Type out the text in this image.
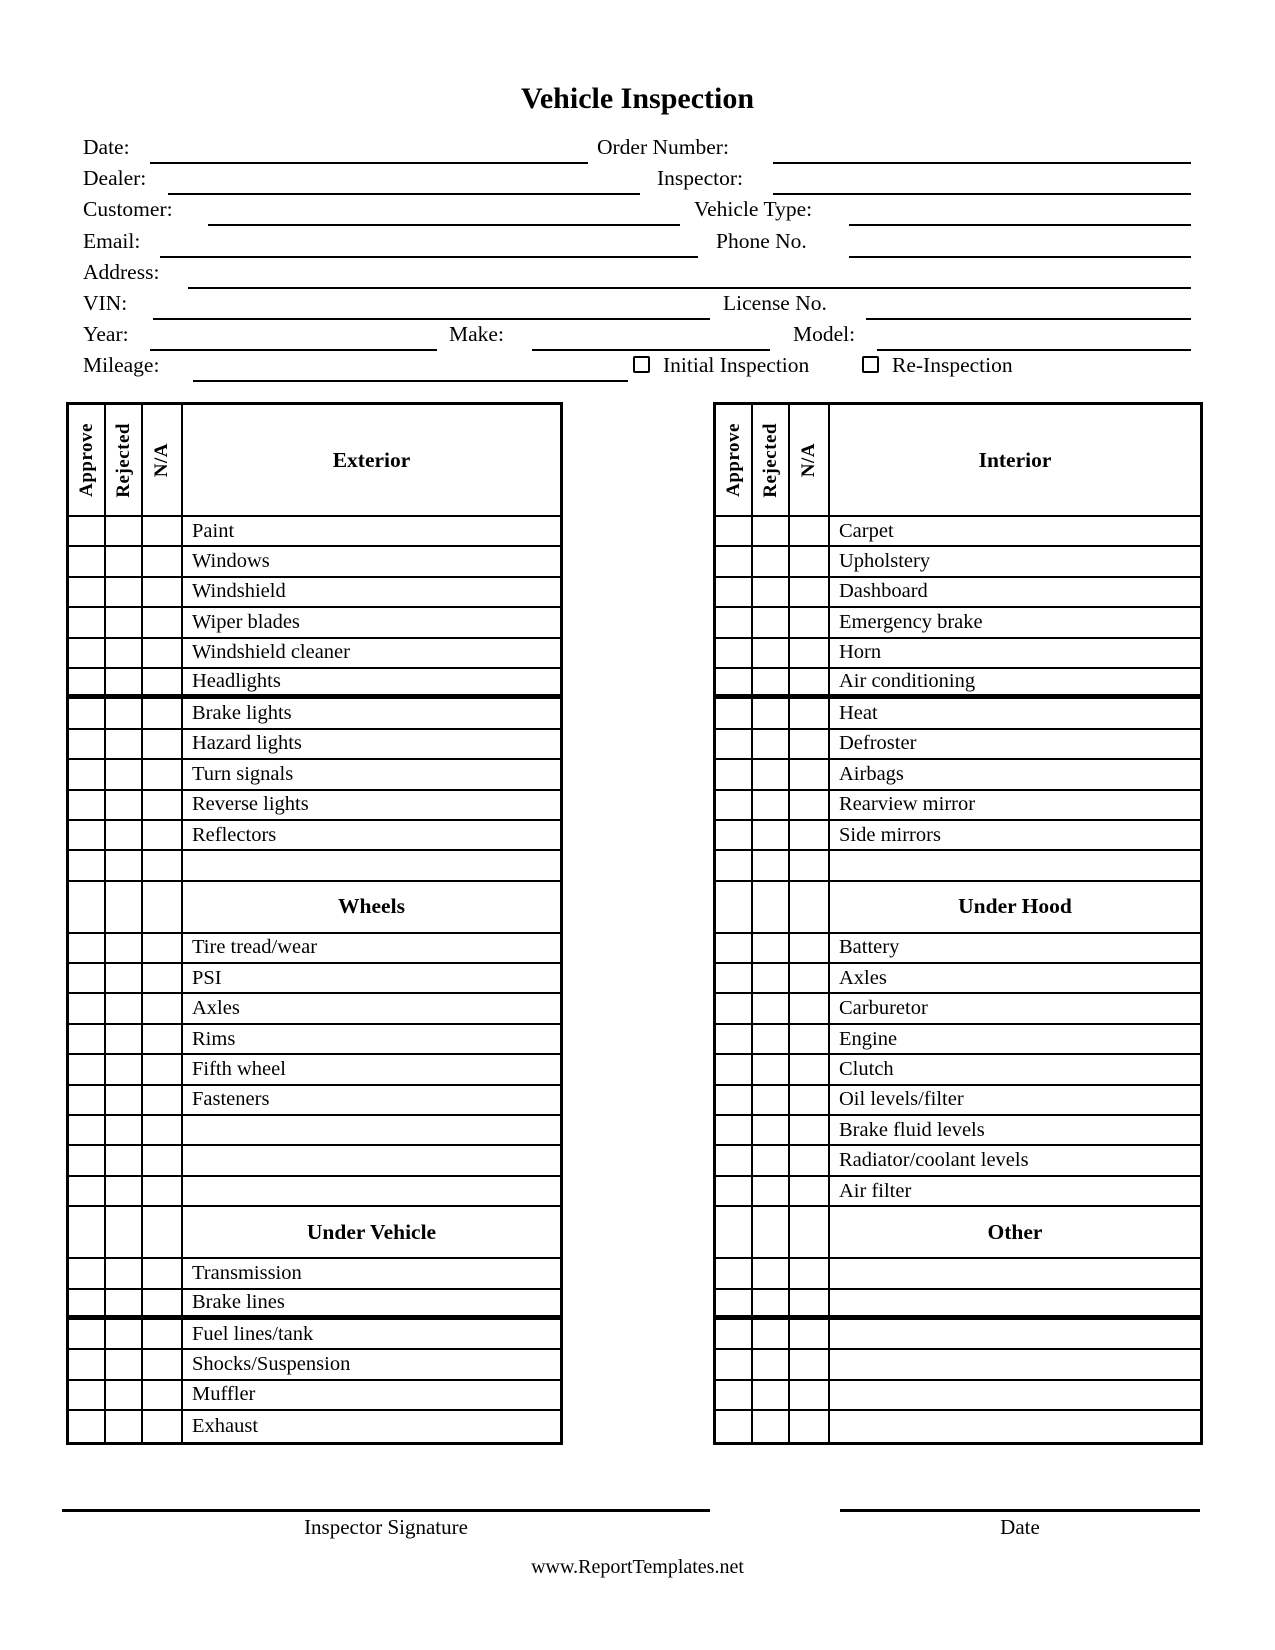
Vehicle Inspection
Date:	Order Number:
Dealer:	Inspector:
Customer:	Vehicle Type:
Email:	Phone No.
Address:
VIN:	License No.
Year:	Make:	Model:
Mileage:	Initial Inspection	Re-Inspection
Approve Rejected N/A	Exterior
Paint
Windows
Windshield
Wiper blades
Windshield cleaner
Headlights
Brake lights
Hazard lights
Turn signals
Reverse lights
Reflectors
Wheels
Tire tread/wear
PSI
Axles
Rims
Fifth wheel
Fasteners
Under Vehicle
Transmission
Brake lines
Fuel lines/tank
Shocks/Suspension
Muffler
Exhaust
Approve Rejected N/A	Interior
Carpet
Upholstery
Dashboard
Emergency brake
Horn
Air conditioning
Heat
Defroster
Airbags
Rearview mirror
Side mirrors
Under Hood
Battery
Axles
Carburetor
Engine
Clutch
Oil levels/filter
Brake fluid levels
Radiator/coolant levels
Air filter
Other
Inspector Signature	Date
www.ReportTemplates.net
